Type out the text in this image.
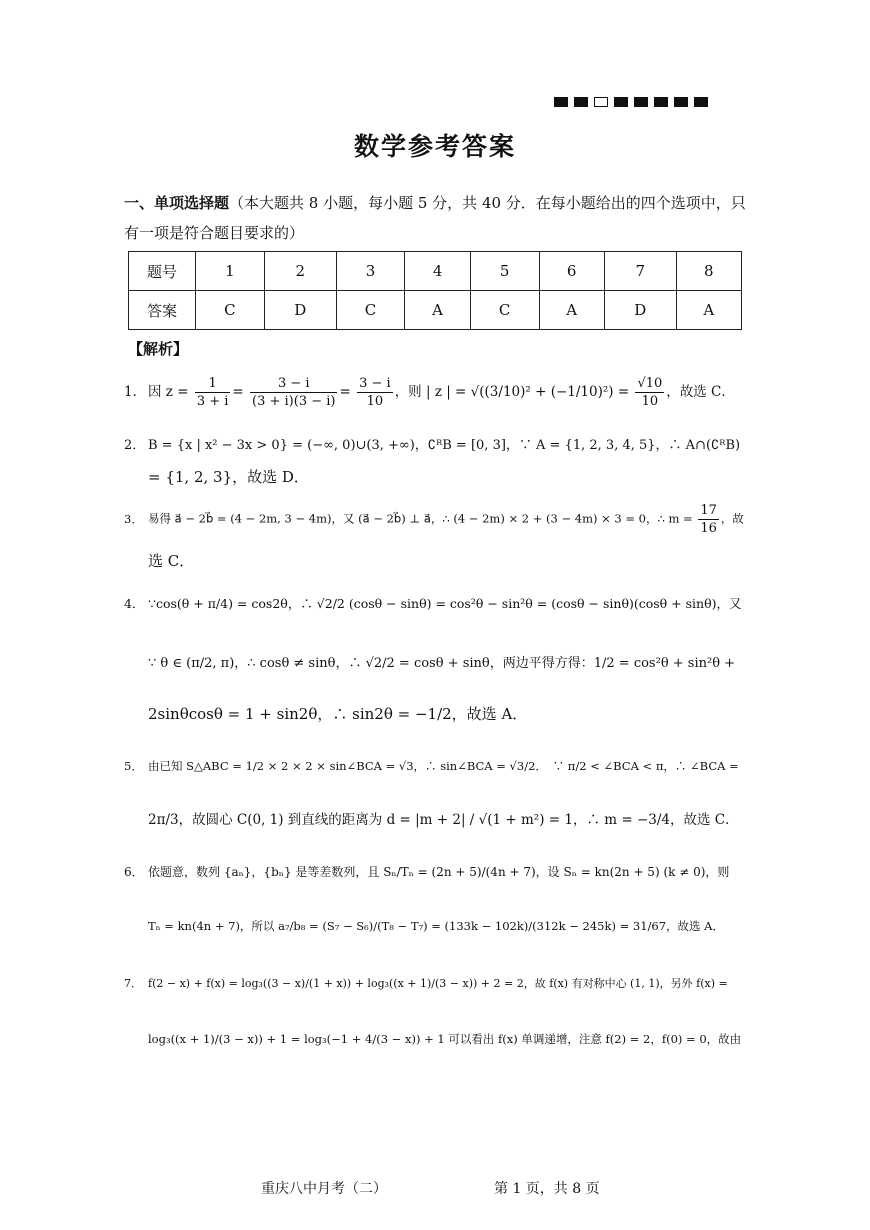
数学参考答案
一、单项选择题（本大题共 8 小题，每小题 5 分，共 40 分．在每小题给出的四个选项中，只有一项是符合题目要求的）
题号	1	2	3	4	5	6	7	8
答案	C	D	C	A	C	A	D	A
【解析】
1． 因 $z = \frac{1}{3 + i} = \frac{3 - i}{(3 + i)(3 - i)} = \frac{3 - i}{10}$ ，则 | z | = $√((3/10)^2 + (-1/10)^2) = \frac{√10}{10}$ ，故选 C．
2． B = {x | x² − 3x > 0} = (−∞, 0)∪(3, +∞)，∁ᴿB = [0, 3]，∵ A = {1, 2, 3, 4, 5}，∴ A∩(∁ᴿB)
= {1, 2, 3}，故选 D．
3． 易得 a⃗ − 2b⃗ = (4 − 2m, 3 − 4m)，又 (a⃗ − 2b⃗) ⊥ a⃗，∴ (4 − 2m) × 2 + (3 − 4m) × 3 = 0，∴ $m = \frac{17}{16}$ ，故
选 C．
4． ∵cos(θ + π/4) = cos2θ，∴ √2/2 (cosθ − sinθ) = cos²θ − sin²θ = (cosθ − sinθ)(cosθ + sinθ)，又
∵ θ ∈ (π/2, π)，∴ cosθ ≠ sinθ，∴ √2/2 = cosθ + sinθ，两边平得方得：1/2 = cos²θ + sin²θ +
2sinθcosθ = 1 + sin2θ，∴ sin2θ = −1/2，故选 A．
5． 由已知 S△ABC = 1/2 × 2 × 2 × sin∠BCA = √3，∴ sin∠BCA = √3/2．　∵ π/2 < ∠BCA < π，∴ ∠BCA =
2π/3，故圆心 C(0, 1) 到直线的距离为 d = |m + 2| / √(1 + m²) = 1，∴ m = −3/4，故选 C．
6． 依题意，数列 {aₙ}，{bₙ} 是等差数列，且 Sₙ/Tₙ = (2n + 5)/(4n + 7)，设 Sₙ = kn(2n + 5) (k ≠ 0)，则
Tₙ = kn(4n + 7)，所以 a₇/b₈ = (S₇ − S₆)/(T₈ − T₇) = (133k − 102k)/(312k − 245k) = 31/67，故选 A．
7． f(2 − x) + f(x) = log₃((3 − x)/(1 + x)) + log₃((x + 1)/(3 − x)) + 2 = 2，故 f(x) 有对称中心 (1, 1)，另外 f(x) =
log₃((x + 1)/(3 − x)) + 1 = log₃(−1 + 4/(3 − x)) + 1 可以看出 f(x) 单调递增，注意 f(2) = 2，f(0) = 0，故由
重庆八中月考（二）	第 1 页，共 8 页
